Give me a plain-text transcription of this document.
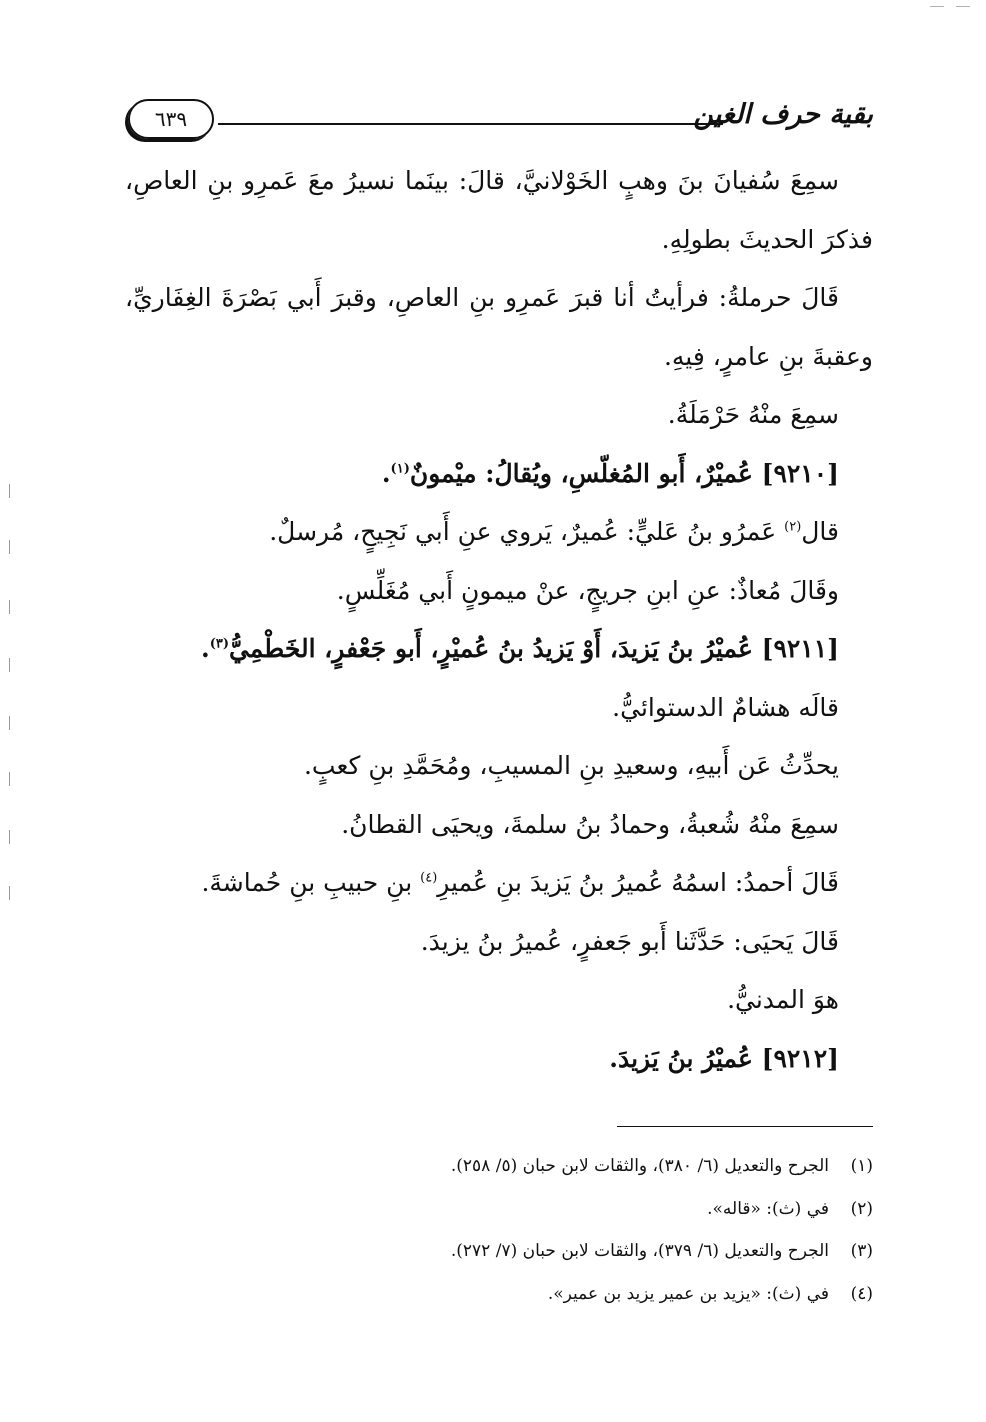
بقية حرف الغين
٦٣٩

سمِعَ سُفيانَ بنَ وهبٍ الخَوْلانيَّ، قالَ: بينَما نسيرُ معَ عَمرِو بنِ العاصِ،

فذكرَ الحديثَ بطولِهِ.

قَالَ حرملةُ: فرأيتُ أنا قبرَ عَمرِو بنِ العاصِ، وقبرَ أَبي بَصْرَةَ الغِفَاريِّ،

وعقبةَ بنِ عامرٍ، فِيهِ.

سمِعَ منْهُ حَرْمَلَةُ.

[٩٢١٠] عُميْرٌ، أَبو المُغلّسِ، ويُقالُ: ميْمونٌ$^{(١)}$.

قال$^{(٢)}$ عَمرُو بنُ عَليٍّ: عُميرٌ، يَروي عنِ أَبي نَجِيحٍ، مُرسلٌ.

وقَالَ مُعاذٌ: عنِ ابنِ جريجٍ، عنْ ميمونٍ أَبي مُغَلِّسٍ.

[٩٢١١] عُميْرُ بنُ يَزيدَ، أَوْ يَزيدُ بنُ عُميْرٍ، أَبو جَعْفرٍ، الخَطْمِيُّ$^{(٣)}$.

قالَه هشامٌ الدستوائيُّ.

يحدِّثُ عَن أَبيهِ، وسعيدِ بنِ المسيبِ، ومُحَمَّدِ بنِ كعبٍ.

سمِعَ منْهُ شُعبةُ، وحمادُ بنُ سلمةَ، ويحيَى القطانُ.

قَالَ أحمدُ: اسمُهُ عُميرُ بنُ يَزيدَ بنِ عُميرِ$^{(٤)}$ بنِ حبيبِ بنِ حُماشةَ.

قَالَ يَحيَى: حَدَّثَنا أَبو جَعفرٍ، عُميرُ بنُ يزيدَ.

هوَ المدنيُّ.

[٩٢١٢] عُميْرُ بنُ يَزيدَ.

(١)الجرح والتعديل (٦/ ٣٨٠)، والثقات لابن حبان (٥/ ٢٥٨).

(٢)في (ث): «قاله».

(٣)الجرح والتعديل (٦/ ٣٧٩)، والثقات لابن حبان (٧/ ٢٧٢).

(٤)في (ث): «يزيد بن عمير يزيد بن عمير».
